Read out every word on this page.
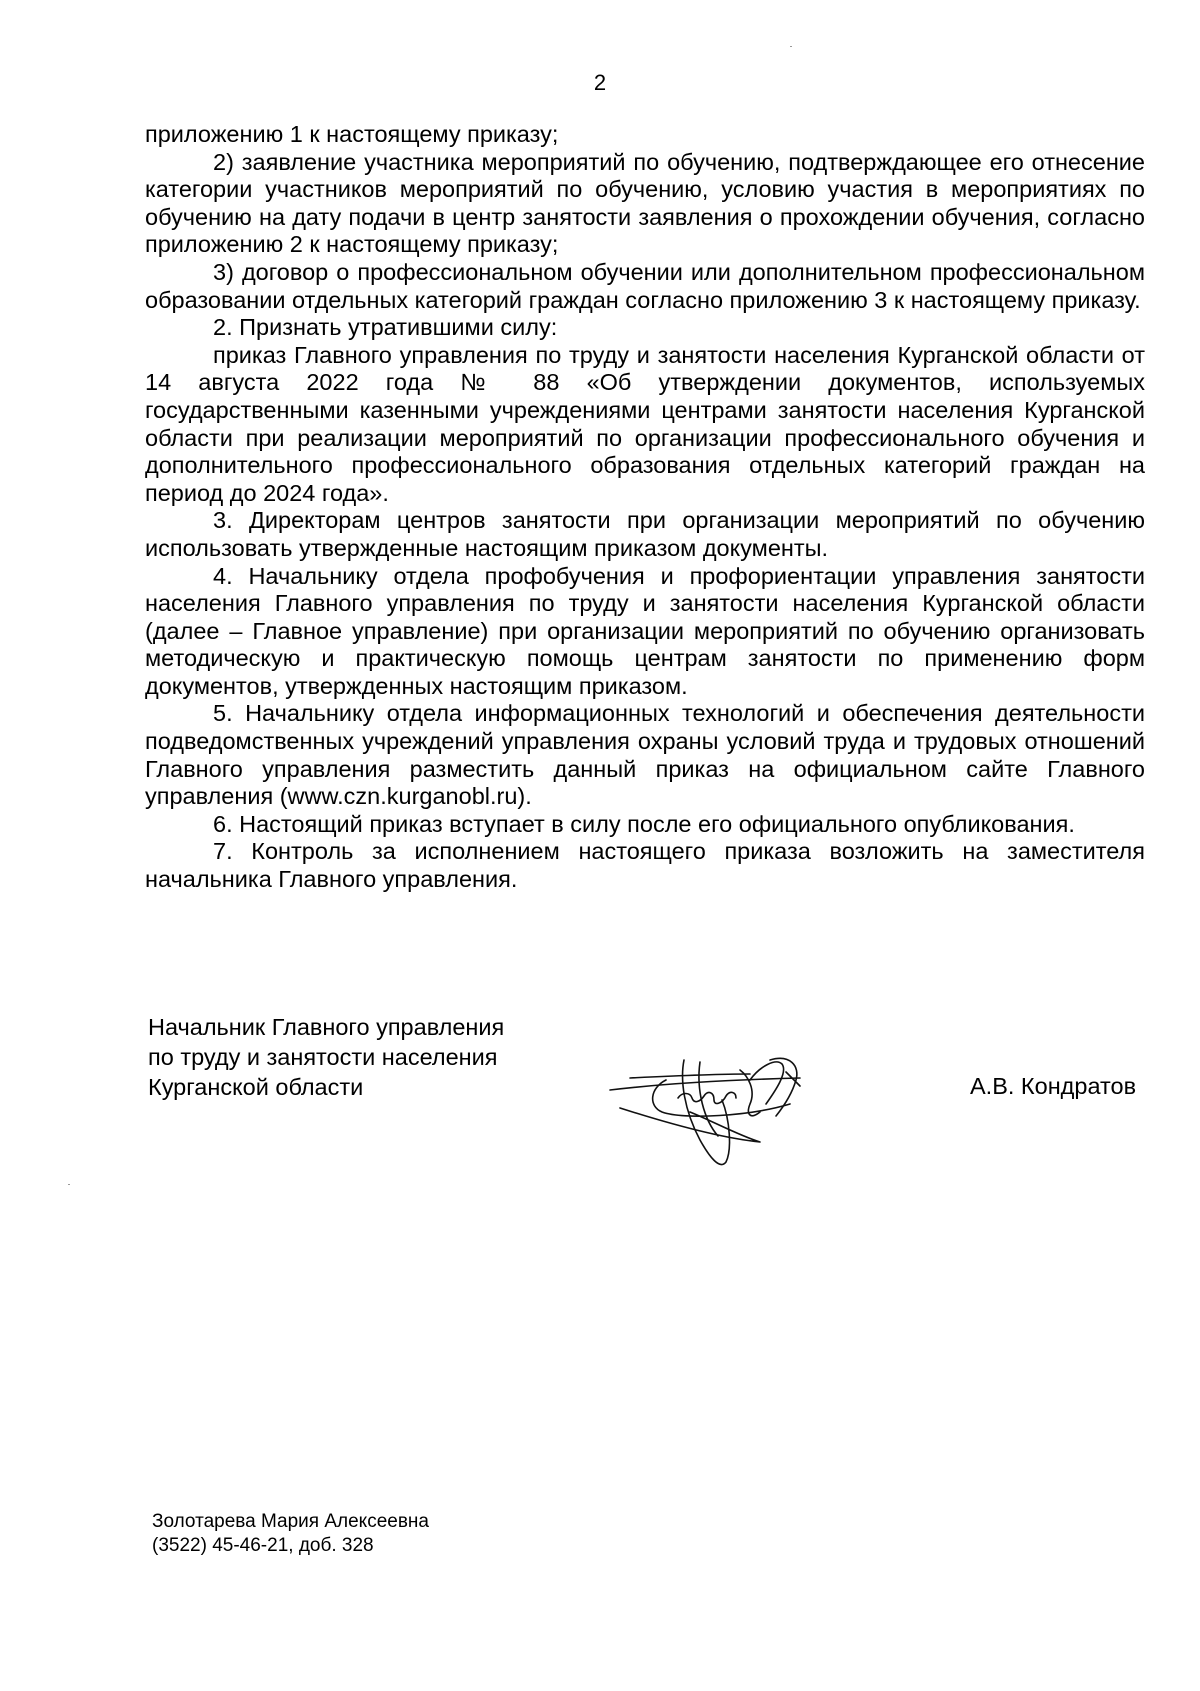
2

приложению 1 к настоящему приказу;

2) заявление участника мероприятий по обучению, подтверждающее его отнесение категории участников мероприятий по обучению, условию участия в мероприятиях по обучению на дату подачи в центр занятости заявления о прохождении обучения, согласно приложению 2 к настоящему приказу;

3) договор о профессиональном обучении или дополнительном профессиональном образовании отдельных категорий граждан согласно приложению 3 к настоящему приказу.

2. Признать утратившими силу:

приказ Главного управления по труду и занятости населения Курганской области от 14 августа 2022 года № 88 «Об утверждении документов, используемых государственными казенными учреждениями центрами занятости населения Курганской области при реализации мероприятий по организации профессионального обучения и дополнительного профессионального образования отдельных категорий граждан на период до 2024 года».

3. Директорам центров занятости при организации мероприятий по обучению использовать утвержденные настоящим приказом документы.

4. Начальнику отдела профобучения и профориентации управления занятости населения Главного управления по труду и занятости населения Курганской области (далее – Главное управление) при организации мероприятий по обучению организовать методическую и практическую помощь центрам занятости по применению форм документов, утвержденных настоящим приказом.

5. Начальнику отдела информационных технологий и обеспечения деятельности подведомственных учреждений управления охраны условий труда и трудовых отношений Главного управления разместить данный приказ на официальном сайте Главного управления (www.czn.kurganobl.ru).

6. Настоящий приказ вступает в силу после его официального опубликования.

7. Контроль за исполнением настоящего приказа возложить на заместителя начальника Главного управления.

Начальник Главного управления
по труду и занятости населения
Курганской области	А.В. Кондратов
Золотарева Мария Алексеевна
(3522) 45-46-21, доб. 328
